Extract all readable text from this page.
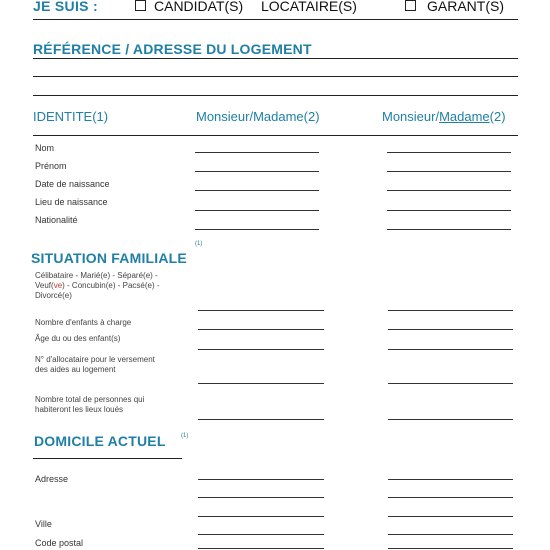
JE SUIS :	CANDIDAT(S) LOCATAIRE(S)	GARANT(S)
RÉFÉRENCE / ADRESSE DU LOGEMENT
IDENTITE(1)	Monsieur/Madame(2)	Monsieur/Madame(2)
Nom
Prénom
Date de naissance
Lieu de naissance
Nationalité
(1)
SITUATION FAMILIALE
Célibataire - Marié(e) - Séparé(e) -
Veuf(ve) - Concubin(e) - Pacsé(e) -
Divorcé(e)
Nombre d'enfants à charge
Âge du ou des enfant(s)
N° d'allocataire pour le versement
des aides au logement
Nombre total de personnes qui
habiteront les lieux loués
DOMICILE ACTUEL	(1)
Adresse
Ville
Code postal
